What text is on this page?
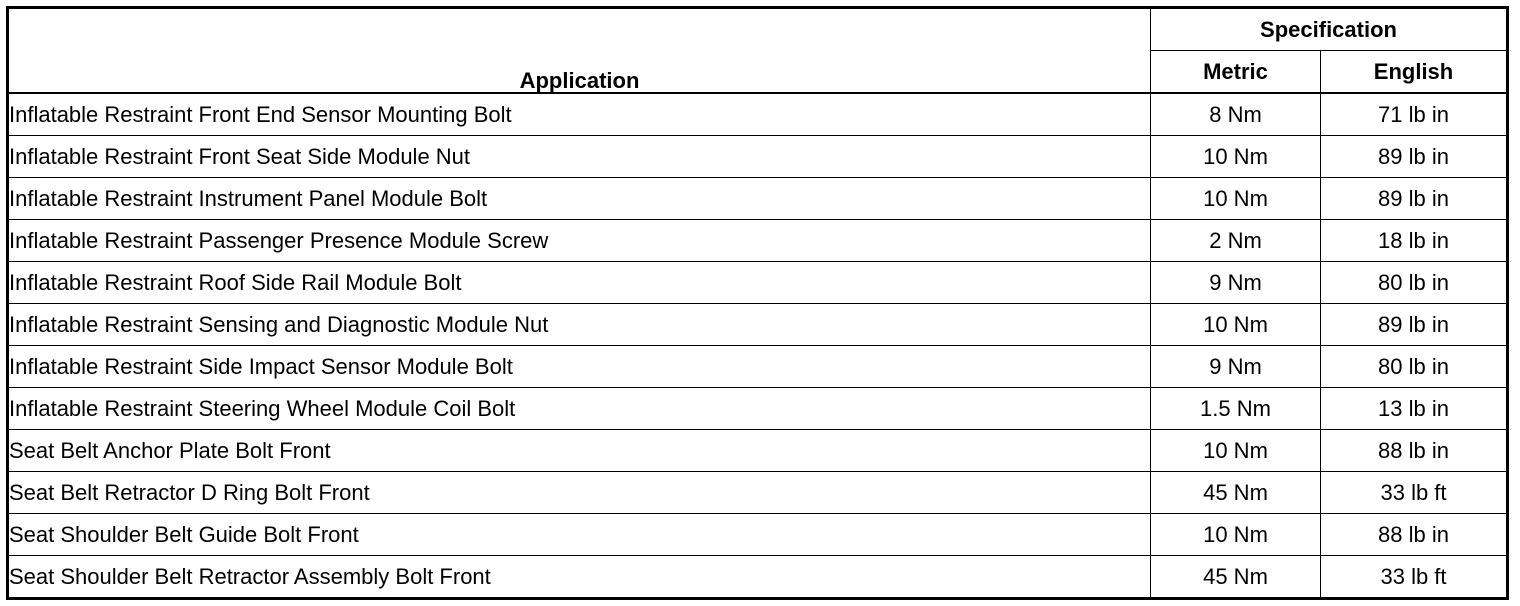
Application	Specification	
	Metric	English
Inflatable Restraint Front End Sensor Mounting Bolt	8 Nm	71 lb in
Inflatable Restraint Front Seat Side Module Nut	10 Nm	89 lb in
Inflatable Restraint Instrument Panel Module Bolt	10 Nm	89 lb in
Inflatable Restraint Passenger Presence Module Screw	2 Nm	18 lb in
Inflatable Restraint Roof Side Rail Module Bolt	9 Nm	80 lb in
Inflatable Restraint Sensing and Diagnostic Module Nut	10 Nm	89 lb in
Inflatable Restraint Side Impact Sensor Module Bolt	9 Nm	80 lb in
Inflatable Restraint Steering Wheel Module Coil Bolt	1.5 Nm	13 lb in
Seat Belt Anchor Plate Bolt Front	10 Nm	88 lb in
Seat Belt Retractor D Ring Bolt Front	45 Nm	33 lb ft
Seat Shoulder Belt Guide Bolt Front	10 Nm	88 lb in
Seat Shoulder Belt Retractor Assembly Bolt Front	45 Nm	33 lb ft
